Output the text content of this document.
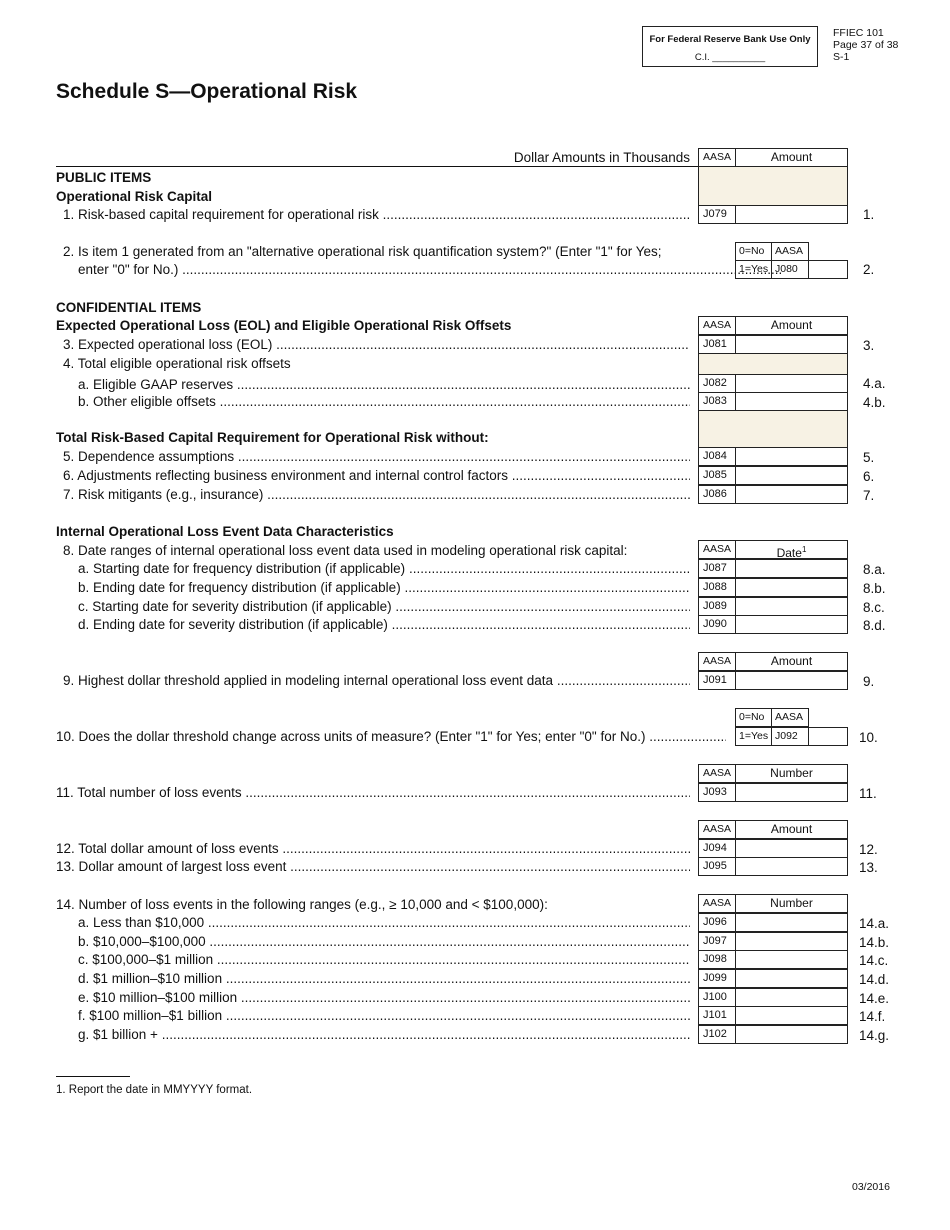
For Federal Reserve Bank Use Only
C.I. __________
FFIEC 101
Page 37 of 38
S-1
Schedule S—Operational Risk
Dollar Amounts in Thousands	AASA	Amount
PUBLIC ITEMS
Operational Risk Capital
1. Risk-based capital requirement for operational risk .....	J079	1.
2. Is item 1 generated from an "alternative operational risk quantification system?" (Enter "1" for Yes;
enter "0" for No.) .....
0=No	AASA
1=Yes J080	2.
CONFIDENTIAL ITEMS
Expected Operational Loss (EOL) and Eligible Operational Risk Offsets	AASA	Amount
3. Expected operational loss (EOL) .....	J081	3.
4. Total eligible operational risk offsets
a. Eligible GAAP reserves .....	J082	4.a.
b. Other eligible offsets .....	J083	4.b.
Total Risk-Based Capital Requirement for Operational Risk without:
5. Dependence assumptions .....	J084	5.
6. Adjustments reflecting business environment and internal control factors .....	J085	6.
7. Risk mitigants (e.g., insurance) .....	J086	7.
Internal Operational Loss Event Data Characteristics
8. Date ranges of internal operational loss event data used in modeling operational risk capital:	AASA	Date$^1$
a. Starting date for frequency distribution (if applicable) .....	J087	8.a.
b. Ending date for frequency distribution (if applicable) .....	J088	8.b.
c. Starting date for severity distribution (if applicable) .....	J089	8.c.
d. Ending date for severity distribution (if applicable) .....	J090	8.d.
AASA	Amount
9. Highest dollar threshold applied in modeling internal operational loss event data .....	J091	9.
0=No	AASA
10. Does the dollar threshold change across units of measure? (Enter "1" for Yes; enter "0" for No.) .....	1=Yes J092	10.
AASA	Number
11. Total number of loss events .....	J093	11.
AASA	Amount
12. Total dollar amount of loss events .....	J094	12.
13. Dollar amount of largest loss event .....	J095	13.
14. Number of loss events in the following ranges (e.g., ≥ 10,000 and < $100,000):	AASA	Number
a. Less than $10,000 .....	J096	14.a.
b. $10,000–$100,000 .....	J097	14.b.
c. $100,000–$1 million .....	J098	14.c.
d. $1 million–$10 million .....	J099	14.d.
e. $10 million–$100 million .....	J100	14.e.
f. $100 million–$1 billion .....	J101	14.f.
g. $1 billion + .....	J102	14.g.
1. Report the date in MMYYYY format.
03/2016
